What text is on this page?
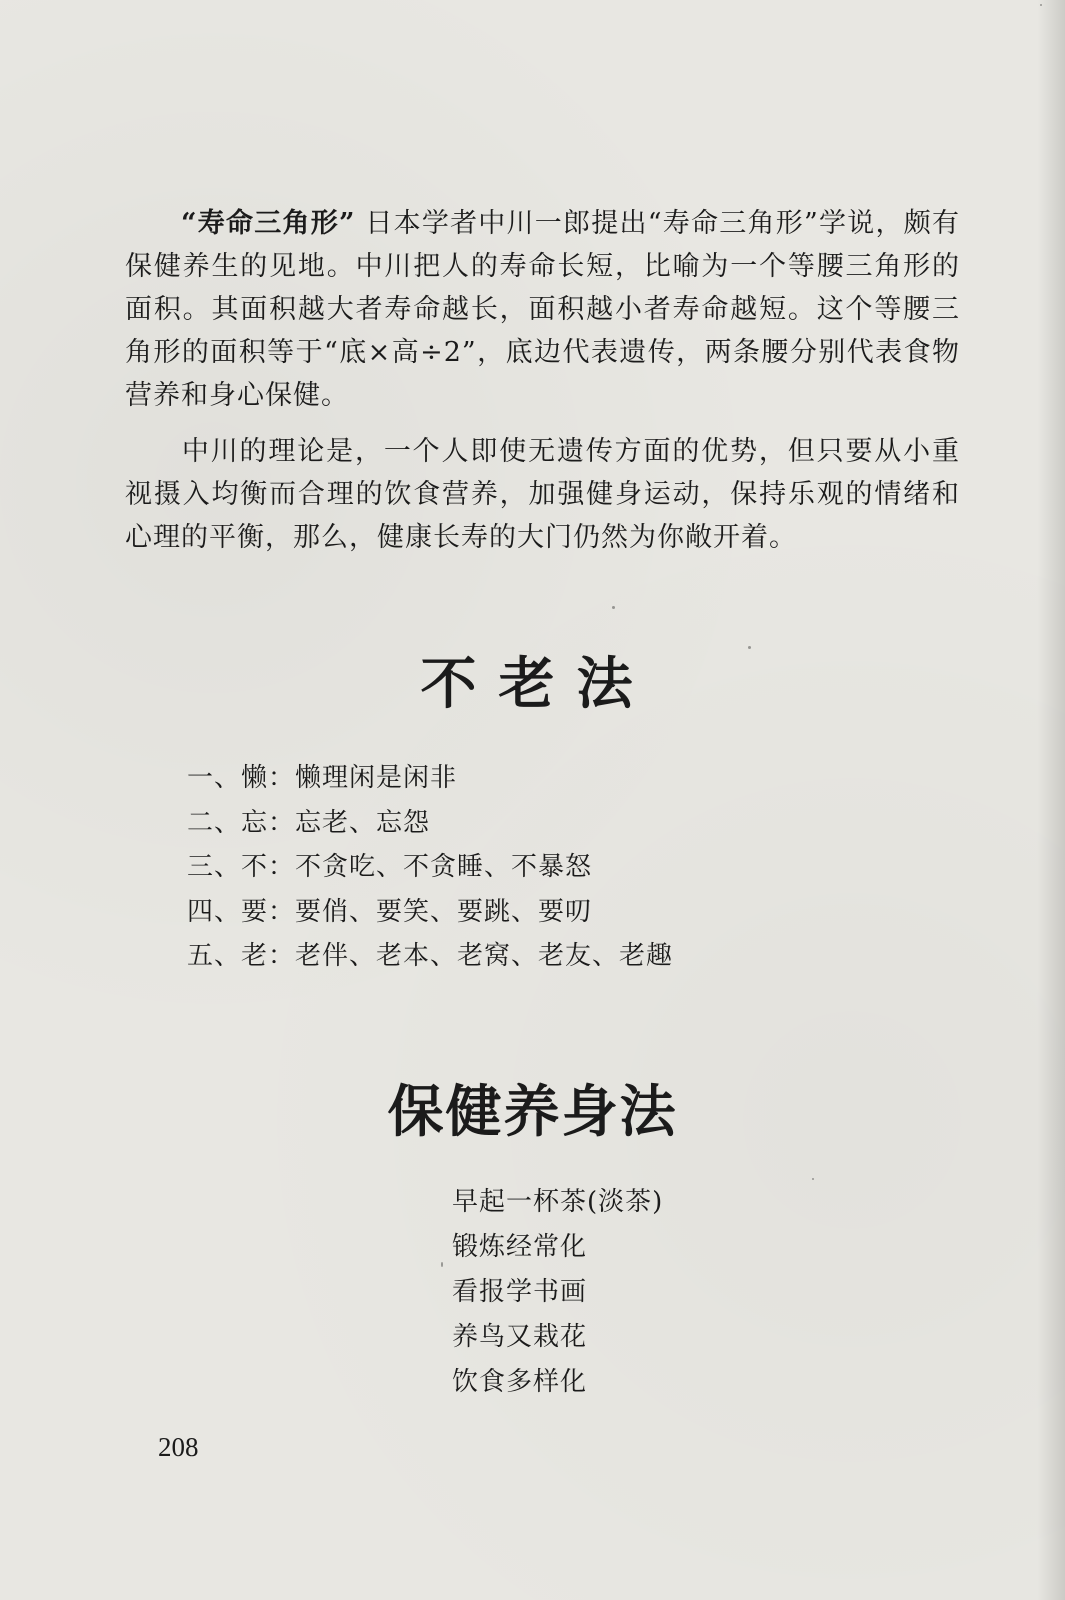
“寿命三角形” 日本学者中川一郎提出“寿命三角形”学说，颇有保健养生的见地。中川把人的寿命长短，比喻为一个等腰三角形的面积。其面积越大者寿命越长，面积越小者寿命越短。这个等腰三角形的面积等于“底×高÷2”，底边代表遗传，两条腰分别代表食物营养和身心保健。

中川的理论是，一个人即使无遗传方面的优势，但只要从小重视摄入均衡而合理的饮食营养，加强健身运动，保持乐观的情绪和心理的平衡，那么，健康长寿的大门仍然为你敞开着。

不老法
一、懒：懒理闲是闲非
二、忘：忘老、忘怨
三、不：不贪吃、不贪睡、不暴怒
四、要：要俏、要笑、要跳、要叨
五、老：老伴、老本、老窝、老友、老趣
保健养身法
早起一杯茶(淡茶)
锻炼经常化
看报学书画
养鸟又栽花
饮食多样化
208
